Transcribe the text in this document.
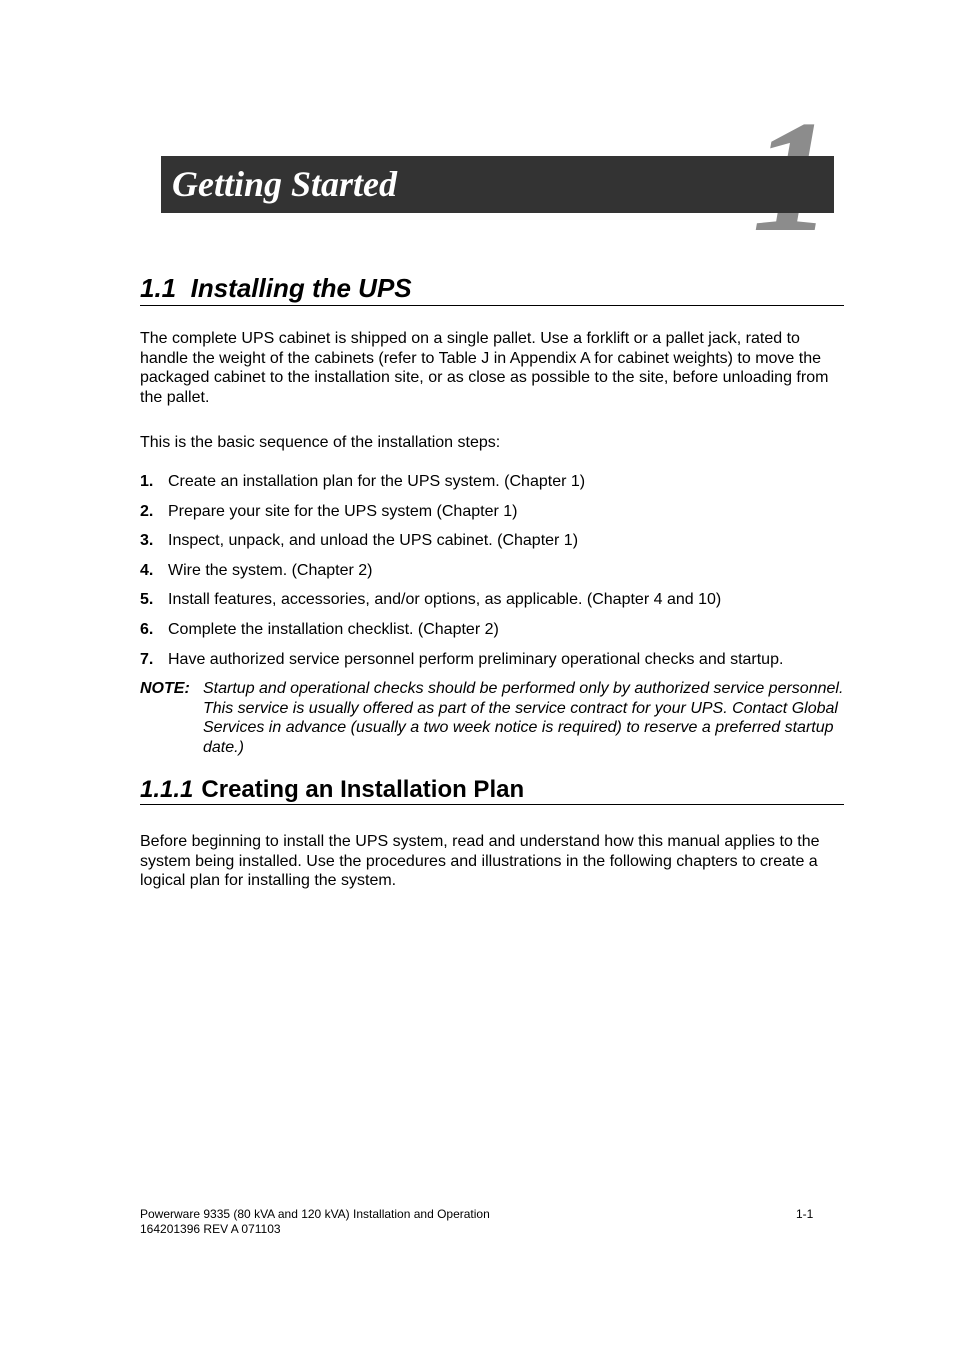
Getting Started
1.1 Installing the UPS
The complete UPS cabinet is shipped on a single pallet. Use a forklift or a pallet jack, rated to handle the weight of the cabinets (refer to Table J in Appendix A for cabinet weights) to move the packaged cabinet to the installation site, or as close as possible to the site, before unloading from the pallet.
This is the basic sequence of the installation steps:
1. Create an installation plan for the UPS system. (Chapter 1)
2. Prepare your site for the UPS system (Chapter 1)
3. Inspect, unpack, and unload the UPS cabinet. (Chapter 1)
4. Wire the system. (Chapter 2)
5. Install features, accessories, and/or options, as applicable. (Chapter 4 and 10)
6. Complete the installation checklist. (Chapter 2)
7. Have authorized service personnel perform preliminary operational checks and startup.
NOTE: Startup and operational checks should be performed only by authorized service personnel. This service is usually offered as part of the service contract for your UPS. Contact Global Services in advance (usually a two week notice is required) to reserve a preferred startup date.)
1.1.1 Creating an Installation Plan
Before beginning to install the UPS system, read and understand how this manual applies to the system being installed. Use the procedures and illustrations in the following chapters to create a logical plan for installing the system.
Powerware 9335 (80 kVA and 120 kVA) Installation and Operation
164201396 REV A 071103
1-1
